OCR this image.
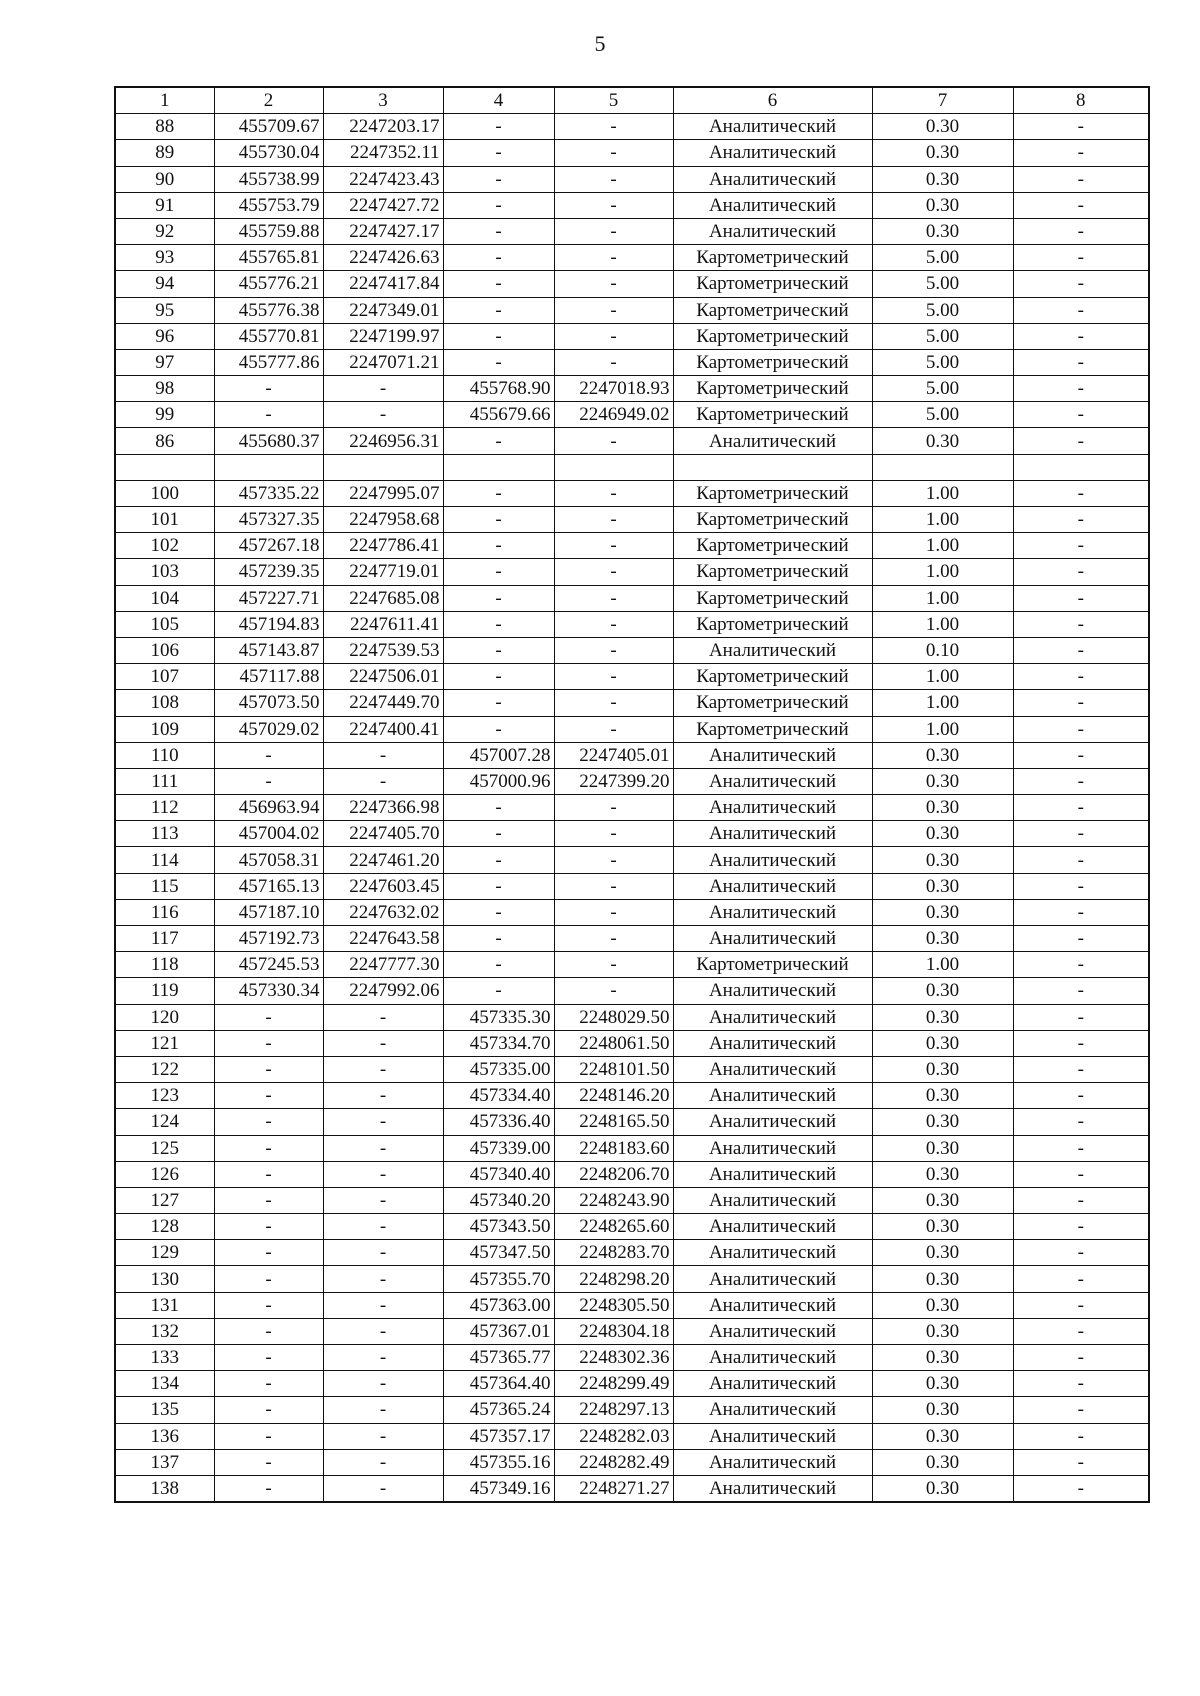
5
1	2	3	4	5	6	7	8
88	455709.67	2247203.17	-	-	Аналитический	0.30	-
89	455730.04	2247352.11	-	-	Аналитический	0.30	-
90	455738.99	2247423.43	-	-	Аналитический	0.30	-
91	455753.79	2247427.72	-	-	Аналитический	0.30	-
92	455759.88	2247427.17	-	-	Аналитический	0.30	-
93	455765.81	2247426.63	-	-	Картометрический	5.00	-
94	455776.21	2247417.84	-	-	Картометрический	5.00	-
95	455776.38	2247349.01	-	-	Картометрический	5.00	-
96	455770.81	2247199.97	-	-	Картометрический	5.00	-
97	455777.86	2247071.21	-	-	Картометрический	5.00	-
98	-	-	455768.90	2247018.93	Картометрический	5.00	-
99	-	-	455679.66	2246949.02	Картометрический	5.00	-
86	455680.37	2246956.31	-	-	Аналитический	0.30	-

100	457335.22	2247995.07	-	-	Картометрический	1.00	-
101	457327.35	2247958.68	-	-	Картометрический	1.00	-
102	457267.18	2247786.41	-	-	Картометрический	1.00	-
103	457239.35	2247719.01	-	-	Картометрический	1.00	-
104	457227.71	2247685.08	-	-	Картометрический	1.00	-
105	457194.83	2247611.41	-	-	Картометрический	1.00	-
106	457143.87	2247539.53	-	-	Аналитический	0.10	-
107	457117.88	2247506.01	-	-	Картометрический	1.00	-
108	457073.50	2247449.70	-	-	Картометрический	1.00	-
109	457029.02	2247400.41	-	-	Картометрический	1.00	-
110	-	-	457007.28	2247405.01	Аналитический	0.30	-
111	-	-	457000.96	2247399.20	Аналитический	0.30	-
112	456963.94	2247366.98	-	-	Аналитический	0.30	-
113	457004.02	2247405.70	-	-	Аналитический	0.30	-
114	457058.31	2247461.20	-	-	Аналитический	0.30	-
115	457165.13	2247603.45	-	-	Аналитический	0.30	-
116	457187.10	2247632.02	-	-	Аналитический	0.30	-
117	457192.73	2247643.58	-	-	Аналитический	0.30	-
118	457245.53	2247777.30	-	-	Картометрический	1.00	-
119	457330.34	2247992.06	-	-	Аналитический	0.30	-
120	-	-	457335.30	2248029.50	Аналитический	0.30	-
121	-	-	457334.70	2248061.50	Аналитический	0.30	-
122	-	-	457335.00	2248101.50	Аналитический	0.30	-
123	-	-	457334.40	2248146.20	Аналитический	0.30	-
124	-	-	457336.40	2248165.50	Аналитический	0.30	-
125	-	-	457339.00	2248183.60	Аналитический	0.30	-
126	-	-	457340.40	2248206.70	Аналитический	0.30	-
127	-	-	457340.20	2248243.90	Аналитический	0.30	-
128	-	-	457343.50	2248265.60	Аналитический	0.30	-
129	-	-	457347.50	2248283.70	Аналитический	0.30	-
130	-	-	457355.70	2248298.20	Аналитический	0.30	-
131	-	-	457363.00	2248305.50	Аналитический	0.30	-
132	-	-	457367.01	2248304.18	Аналитический	0.30	-
133	-	-	457365.77	2248302.36	Аналитический	0.30	-
134	-	-	457364.40	2248299.49	Аналитический	0.30	-
135	-	-	457365.24	2248297.13	Аналитический	0.30	-
136	-	-	457357.17	2248282.03	Аналитический	0.30	-
137	-	-	457355.16	2248282.49	Аналитический	0.30	-
138	-	-	457349.16	2248271.27	Аналитический	0.30	-
